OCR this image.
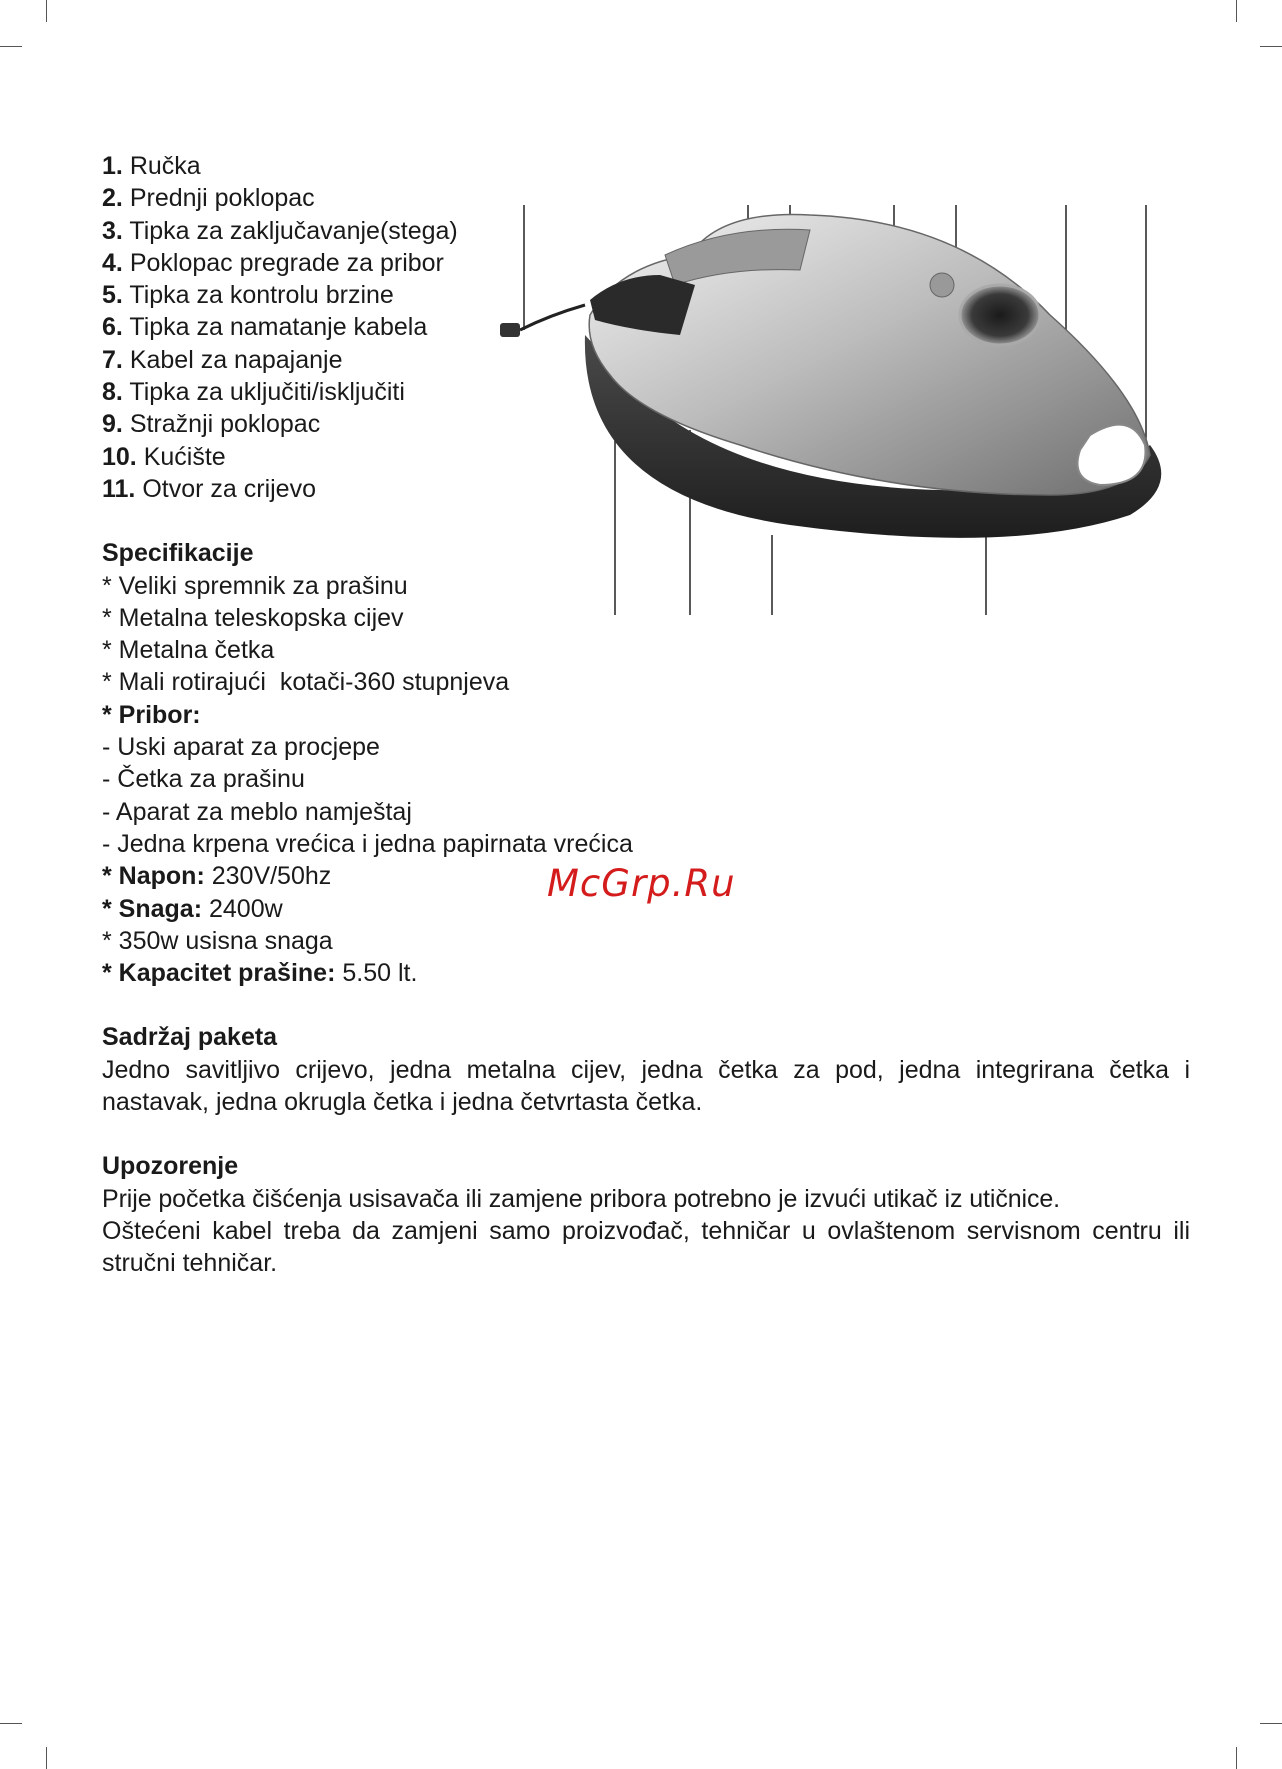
1. Ručka
2. Prednji poklopac
3. Tipka za zaključavanje(stega)
4. Poklopac pregrade za pribor
5. Tipka za kontrolu brzine
6. Tipka za namatanje kabela
7. Kabel za napajanje
8. Tipka za uključiti/isključiti
9. Stražnji poklopac
10. Kućište
11. Otvor za crijevo
Specifikacije
* Veliki spremnik za prašinu
* Metalna teleskopska cijev
* Metalna četka
* Mali rotirajući  kotači-360 stupnjeva
* Pribor:
- Uski aparat za procjepe
- Četka za prašinu
- Aparat za meblo namještaj
- Jedna krpena vrećica i jedna papirnata vrećica
* Napon: 230V/50hz
* Snaga: 2400w
* 350w usisna snaga
* Kapacitet prašine: 5.50 lt.
Sadržaj paketa
Jedno savitljivo crijevo, jedna metalna cijev, jedna četka za pod, jedna integrirana četka i nastavak, jedna okrugla četka i jedna četvrtasta četka.
Upozorenje
Prije početka čišćenja usisavača ili zamjene pribora potrebno je izvući utikač iz utičnice.
Oštećeni kabel treba da zamjeni samo proizvođač, tehničar u ovlaštenom servisnom centru ili stručni tehničar.
McGrp.Ru
